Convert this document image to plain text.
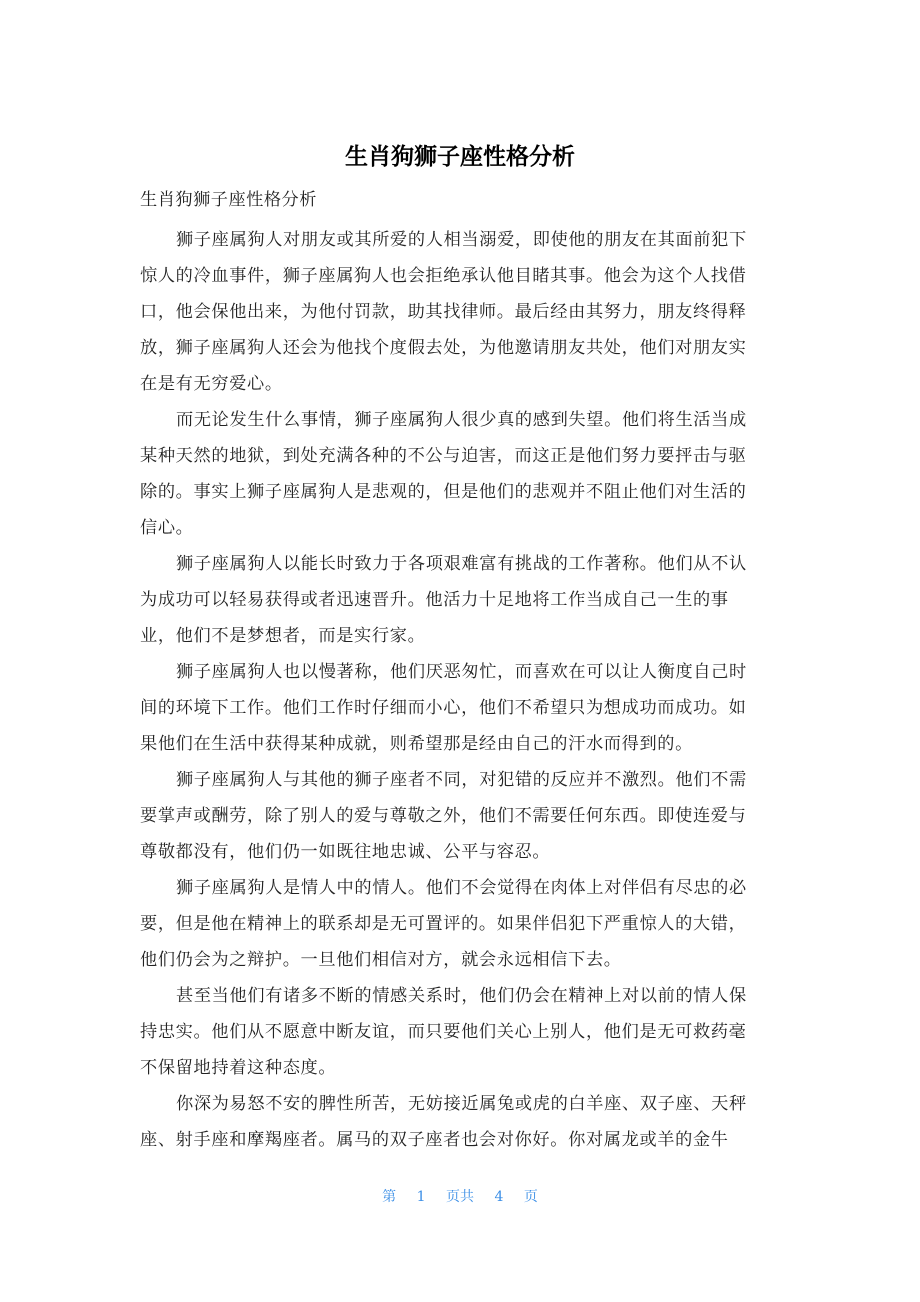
生肖狗狮子座性格分析
生肖狗狮子座性格分析
狮子座属狗人对朋友或其所爱的人相当溺爱，即使他的朋友在其面前犯下
惊人的冷血事件，狮子座属狗人也会拒绝承认他目睹其事。他会为这个人找借
口，他会保他出来，为他付罚款，助其找律师。最后经由其努力，朋友终得释
放，狮子座属狗人还会为他找个度假去处，为他邀请朋友共处，他们对朋友实
在是有无穷爱心。
而无论发生什么事情，狮子座属狗人很少真的感到失望。他们将生活当成
某种天然的地狱，到处充满各种的不公与迫害，而这正是他们努力要抨击与驱
除的。事实上狮子座属狗人是悲观的，但是他们的悲观并不阻止他们对生活的
信心。
狮子座属狗人以能长时致力于各项艰难富有挑战的工作著称。他们从不认
为成功可以轻易获得或者迅速晋升。他活力十足地将工作当成自己一生的事
业，他们不是梦想者，而是实行家。
狮子座属狗人也以慢著称，他们厌恶匆忙，而喜欢在可以让人衡度自己时
间的环境下工作。他们工作时仔细而小心，他们不希望只为想成功而成功。如
果他们在生活中获得某种成就，则希望那是经由自己的汗水而得到的。
狮子座属狗人与其他的狮子座者不同，对犯错的反应并不激烈。他们不需
要掌声或酬劳，除了别人的爱与尊敬之外，他们不需要任何东西。即使连爱与
尊敬都没有，他们仍一如既往地忠诚、公平与容忍。
狮子座属狗人是情人中的情人。他们不会觉得在肉体上对伴侣有尽忠的必
要，但是他在精神上的联系却是无可置评的。如果伴侣犯下严重惊人的大错，
他们仍会为之辩护。一旦他们相信对方，就会永远相信下去。
甚至当他们有诸多不断的情感关系时，他们仍会在精神上对以前的情人保
持忠实。他们从不愿意中断友谊，而只要他们关心上别人，他们是无可救药毫
不保留地持着这种态度。
你深为易怒不安的脾性所苦，无妨接近属兔或虎的白羊座、双子座、天秤
座、射手座和摩羯座者。属马的双子座者也会对你好。你对属龙或羊的金牛
第 1 页共 4 页
